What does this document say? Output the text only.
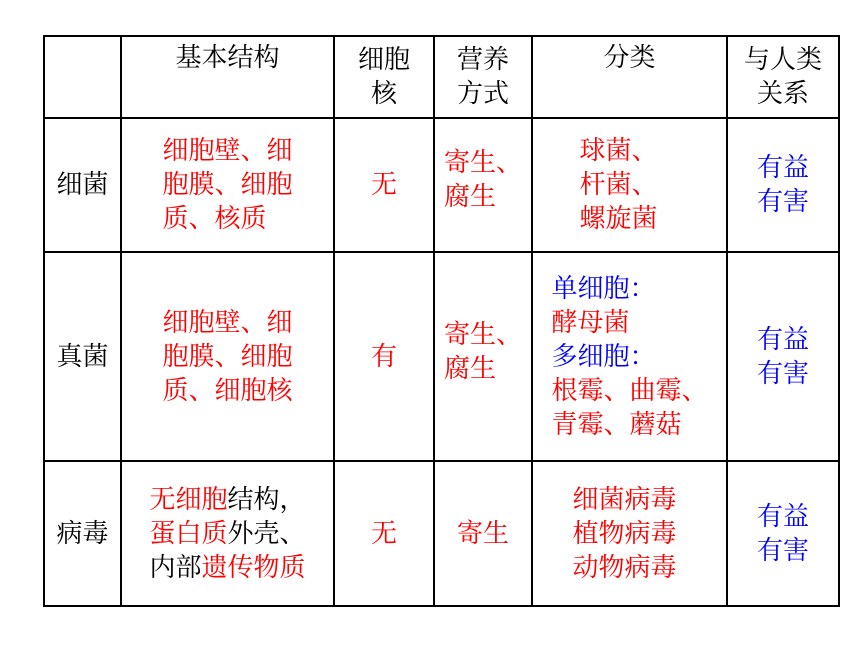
	基本结构	细胞
核	营养
方式	分类	与人类
关系

细菌	细胞壁、细
胞膜、细胞
质、核质	无	寄生、
腐生	球菌、
杆菌、
螺旋菌	有益
有害

真菌	细胞壁、细
胞膜、细胞
质、细胞核	有	寄生、
腐生	单细胞：
酵母菌
多细胞：
根霉、曲霉、
青霉、蘑菇	有益
有害

病毒	无细胞结构，
蛋白质外壳、
内部遗传物质	无	寄生	细菌病毒
植物病毒
动物病毒	有益
有害
